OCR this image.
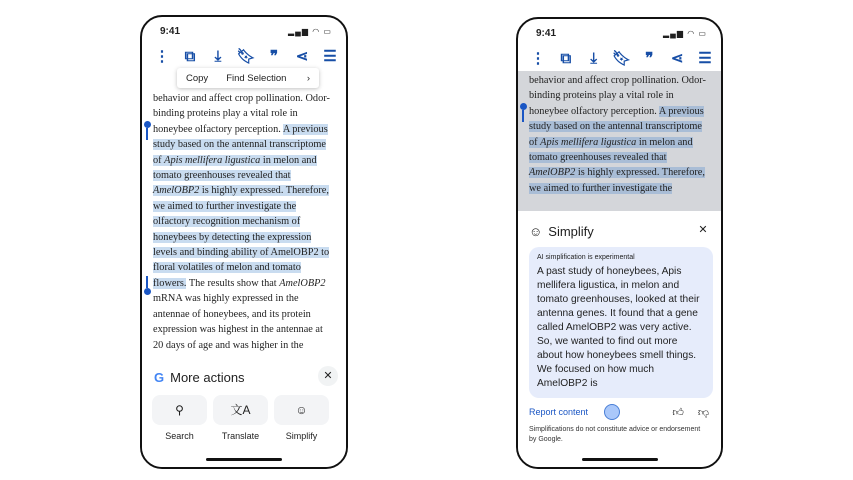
9:41	▂▄▆ ◠ ▭
⋮	⧉	⤓	🔖︎ ❞	⋖ ☰
Copy	Find Selection	›
behavior and affect crop pollination. Odor-
binding proteins play a vital role in
honeybee olfactory perception. A previous
study based on the antennal transcriptome
of Apis mellifera ligustica in melon and
tomato greenhouses revealed that
AmelOBP2 is highly expressed. Therefore,
we aimed to further investigate the
olfactory recognition mechanism of
honeybees by detecting the expression
levels and binding ability of AmelOBP2 to
floral volatiles of melon and tomato
flowers. The results show that AmelOBP2
mRNA was highly expressed in the
antennae of honeybees, and its protein
expression was highest in the antennae at
20 days of age and was higher in the
G More actions	✕
⚲
Search
文A
Translate
☺
Simplify
9:41	▂▄▆ ◠ ▭
⋮ ⧉	⤓ 🔖︎ ❞	⋖ ☰
behavior and affect crop pollination. Odor-
binding proteins play a vital role in
honeybee olfactory perception. A previous
study based on the antennal transcriptome
of Apis mellifera ligustica in melon and
tomato greenhouses revealed that
AmelOBP2 is highly expressed. Therefore,
we aimed to further investigate the
☺ Simplify	✕
AI simplification is experimental
A past study of honeybees, Apis mellifera ligustica, in melon and tomato greenhouses, looked at their antenna genes. It found that a gene called AmelOBP2 was very active. So, we wanted to find out more about how honeybees smell things. We focused on how much AmelOBP2 is
Report content	👍︎ 👎︎
Simplifications do not constitute advice or endorsement by Google.
